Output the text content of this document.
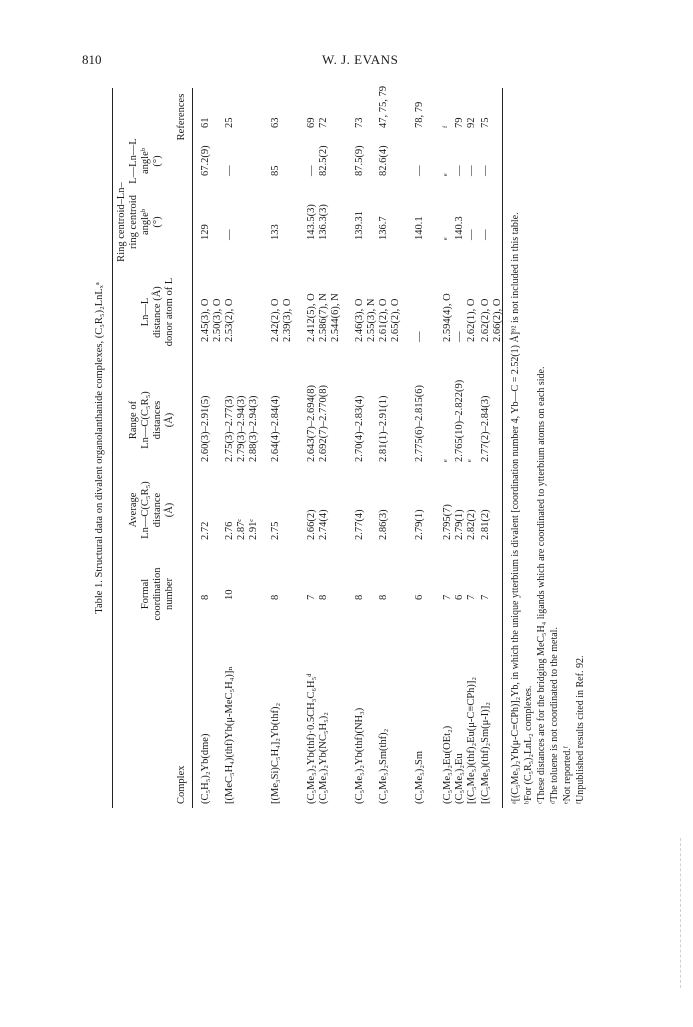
810	W. J. EVANS
Table 1. Structural data on divalent organolanthanide complexes, (C₅R₅)₂LnLₓᵃ
Complex
Formal coordination number
Average Ln—C(C₅R₅) distance (Å)
Range of Ln—C(C₅R₅) distances (Å)
Ln—L distance (Å) donor atom of L
Ring centroid–Ln– ring centroid angleᵇ (°)
L—Ln—L angleᵇ (°)
References
(C₅H₅)₂Yb(dme)
8
2.72
2.60(3)–2.91(5)
2.45(3), O 2.50(3), O
129
67.2(9)
61
[(MeC₅H₄)(thf)Yb(μ-MeC₅H₄)]ₙ
10
2.76 2.87ᶜ 2.91ᶜ
2.75(3)–2.77(3) 2.79(3)–2.94(3) 2.88(3)–2.94(3)
2.53(2), O
—
—
25
[(Me₃Si)C₅H₄]₂Yb(thf)₂
8
2.75
2.64(4)–2.84(4)
2.42(2), O 2.39(3), O
133
85
63
(C₅Me₅)₂Yb(thf)·0.5CH₃C₆H₅ᵈ
7
2.66(2)
2.643(7)–2.694(8)
2.412(5), O
143.5(3)
—
69
(C₅Me₅)₂Yb(NC₅H₅)₂
8
2.74(4)
2.692(7)–2.770(8)
2.586(7), N 2.544(6), N
136.3(3)
82.5(2)
72
(C₅Me₅)₂Yb(thf)(NH₃)
8
2.77(4)
2.70(4)–2.83(4)
2.46(3), O 2.55(3), N
139.31
87.5(9)
73
(C₅Me₅)₂Sm(thf)₂
8
2.86(3)
2.81(1)–2.91(1)
2.61(2), O 2.65(2), O
136.7
82.6(4)
47, 75, 79
(C₅Me₅)₂Sm
6
2.79(1)
2.775(6)–2.815(6)
—
140.1
—
78, 79
(C₅Me₅)₂Eu(OEt₂)
7
2.795(7)
ᵉ
2.594(4), O
ᵉ
ᵉ
ᶠ
(C₅Me₅)₂Eu
6
2.79(1)
2.765(10)–2.822(9)
—
140.3
—
79
[(C₅Me₅)(thf)₂Eu(μ-C≡CPh)]₂
7
2.82(2)
ᵉ
2.62(1), O
—
—
92
[(C₅Me₅)(thf)₂Sm(μ-I)]₂
7
2.81(2)
2.77(2)–2.84(3)
2.62(2), O 2.66(2), O
—
—
75
ᵃ[(C₅Me₅)₂Yb(μ-C≡CPh)]₂Yb, in which the unique ytterbium is divalent [coordination number 4, Yb—C = 2.52(1) Å]⁹² is not included in this table. ᵇFor (C₅R₅)₂LnL₂ complexes. ᶜThese distances are for the bridging MeC₅H₄ ligands which are coordinated to ytterbium atoms on each side. ᵈThe toluene is not coordinated to the metal. ᵉNot reported.ᶠ ᶠUnpublished results cited in Ref. 92.
